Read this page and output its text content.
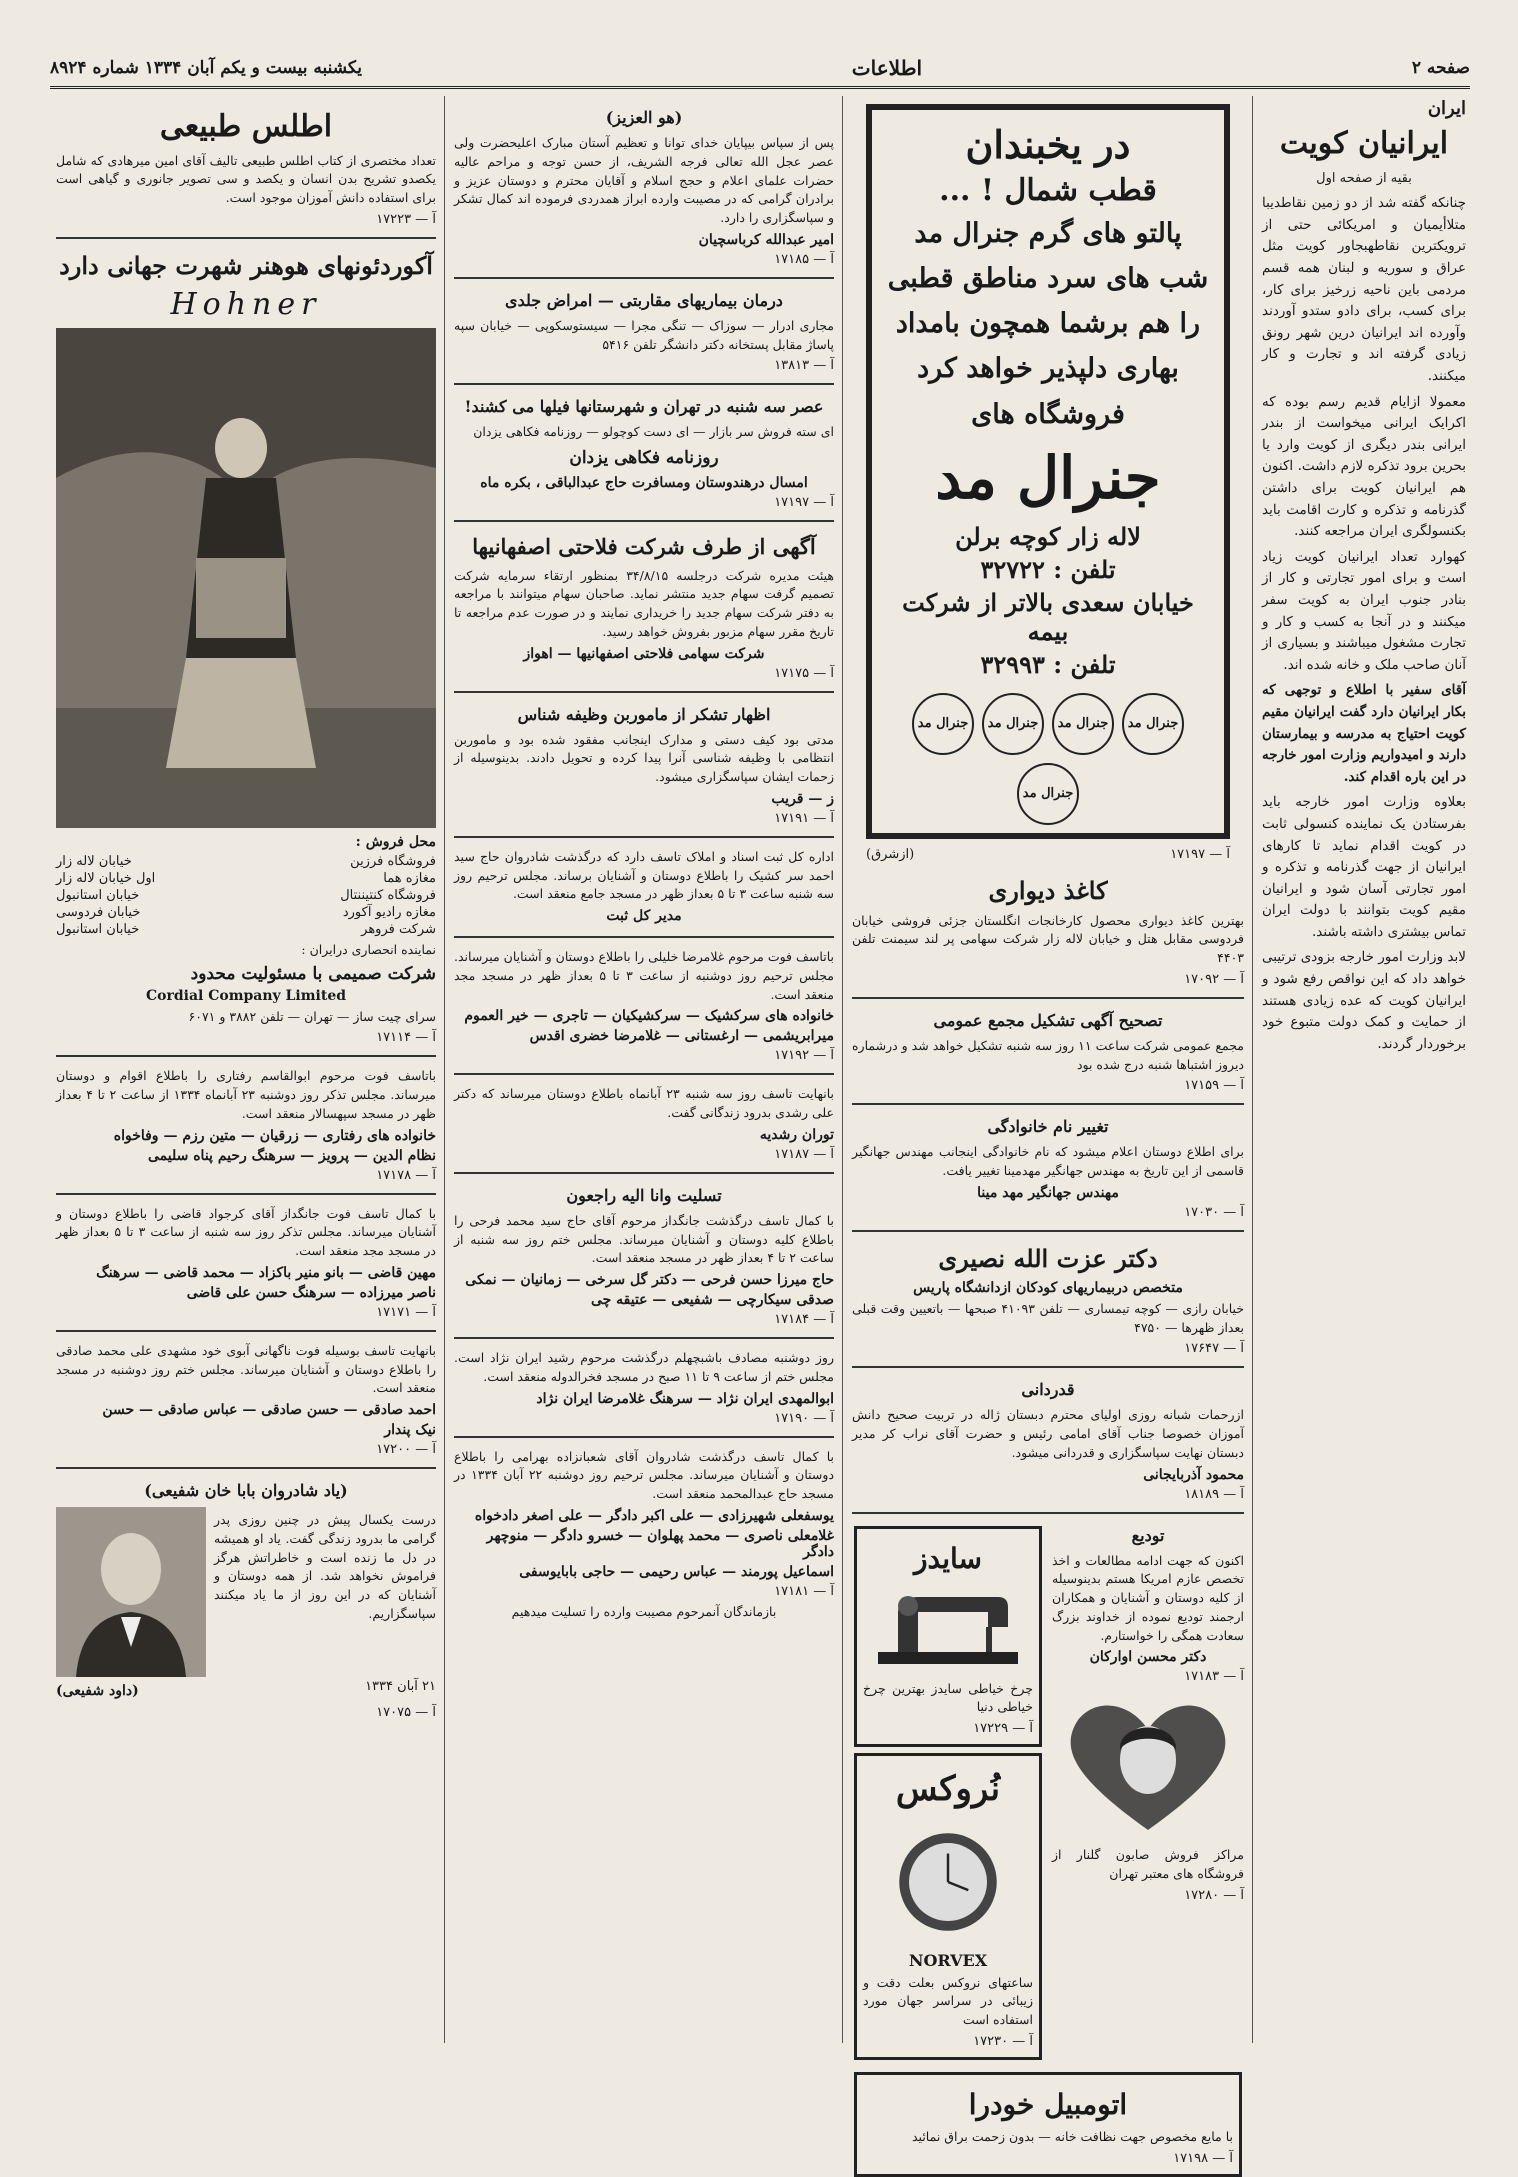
صفحه ۲
اطلاعات
یکشنبه بیست و یکم آبان ۱۳۳۴ شماره ۸۹۲۴
ایران
ایرانیان کویت
بقیه از صفحه اول

چنانکه گفته شد از دو زمین نقاطدیبا متلاأیمیان و امریکائی حتی از ترویکترین نقاطهبجاور کویت مثل عراق و سوریه و لبنان همه قسم مردمی باین ناحیه زرخیز برای کار، برای کسب، برای دادو ستدو آوردند وآورده اند ایرانیان درین شهر رونق زیادی گرفته اند و تجارت و کار میکنند.

معمولا ازایام قدیم رسم بوده که اکرایک ایرانی میخواست از بندر ایرانی بندر دیگری از کویت وارد یا بحرین برود تذکره لازم داشت. اکنون هم ایرانیان کویت برای داشتن گذرنامه و تذکره و کارت اقامت باید بکنسولگری ایران مراجعه کنند.

کهوارد تعداد ایرانیان کویت زیاد است و برای امور تجارتی و کار از بنادر جنوب ایران به کویت سفر میکنند و در آنجا به کسب و کار و تجارت مشغول میباشند و بسیاری از آنان صاحب ملک و خانه شده اند.

آقای سفیر با اطلاع و توجهی که بکار ایرانیان دارد گفت ایرانیان مقیم کویت احتیاج به مدرسه و بیمارستان دارند و امیدواریم وزارت امور خارجه در این باره اقدام کند.

بعلاوه وزارت امور خارجه باید بفرستادن یک نماینده کنسولی ثابت در کویت اقدام نماید تا کارهای ایرانیان از جهت گذرنامه و تذکره و امور تجارتی آسان شود و ایرانیان مقیم کویت بتوانند با دولت ایران تماس بیشتری داشته باشند.

لابد وزارت امور خارجه بزودی ترتیبی خواهد داد که این نواقص رفع شود و ایرانیان کویت که عده زیادی هستند از حمایت و کمک دولت متبوع خود برخوردار گردند.

در یخبندان
قطب شمال ! ...
پالتو های گرم جنرال مد
شب های سرد مناطق قطبی
را هم برشما همچون بامداد
بهاری دلپذیر خواهد کرد
فروشگاه های
جنرال مد
لاله زار کوچه برلن
تلفن : ۳۲۷۲۲
خیابان سعدی بالاتر از شرکت بیمه
تلفن : ۳۲۹۹۳
جنرال مد
جنرال مد
جنرال مد
جنرال مد
جنرال مد
آ — ۱۷۱۹۷
(ازشرق)
کاغذ دیواری
بهترین کاغذ دیواری محصول کارخانجات انگلستان جزئی فروشی خیابان فردوسی مقابل هتل و خیابان لاله زار شرکت سهامی پر لند سیمنت تلفن ۴۴۰۳
آ — ۱۷۰۹۲
تصحیح آگهی تشکیل مجمع عمومی
مجمع عمومی شرکت ساعت ۱۱ روز سه شنبه تشکیل خواهد شد و درشماره دیروز اشتباها شنبه درج شده بود
آ — ۱۷۱۵۹
تغییر نام خانوادگی
برای اطلاع دوستان اعلام میشود که نام خانوادگی اینجانب مهندس جهانگیر قاسمی از این تاریخ به مهندس جهانگیر مهدمینا تغییر یافت.
مهندس جهانگیر مهد مینا
آ — ۱۷۰۳۰
دکتر عزت الله نصیری
متخصص دربیماریهای کودکان ازدانشگاه پاریس
خیابان رازی — کوچه تیمساری — تلفن ۴۱۰۹۳ صبحها — باتعیین وقت قبلی بعداز ظهرها — ۴۷۵۰
آ — ۱۷۶۴۷
قدردانی
ازرحمات شبانه روزی اولیای محترم دبستان ژاله در تربیت صحیح دانش آموزان خصوصا جناب آقای امامی رئیس و حضرت آقای نراب کر مدیر دبستان نهایت سپاسگزاری و قدردانی میشود.
محمود آذربایجانی
آ — ۱۸۱۸۹
تودیع
اکنون که جهت ادامه مطالعات و اخذ تخصص عازم امریکا هستم بدینوسیله از کلیه دوستان و آشنایان و همکاران ارجمند تودیع نموده از خداوند بزرگ سعادت همگی را خواستارم.
دکتر محسن اوارکان
آ — ۱۷۱۸۳
مراکز فروش صابون گلنار از فروشگاه های معتبر تهران
آ — ۱۷۲۸۰
سایدز
چرخ خیاطی سایدز بهترین چرخ خیاطی دنیا
آ — ۱۷۲۲۹
نُروکس
NORVEX
ساعتهای نروکس بعلت دقت و زیبائی در سراسر جهان مورد استفاده است
آ — ۱۷۲۳۰
اتومبیل خودرا
با مایع مخصوص جهت نظافت خانه — بدون زحمت براق نمائید
آ — ۱۷۱۹۸
(هو العزیز)
پس از سپاس بیپایان خدای توانا و تعظیم آستان مبارک اعلیحضرت ولی عصر عجل الله تعالی فرجه الشریف، از حسن توجه و مراحم عالیه حضرات علمای اعلام و حجج اسلام و آقایان محترم و دوستان عزیز و برادران گرامی که در مصیبت وارده ابراز همدردی فرموده اند کمال تشکر و سپاسگزاری را دارد.
امیر عبدالله کرباسچیان
آ — ۱۷۱۸۵
درمان بیماریهای مقاربتی — امراض جلدی
مجاری ادرار — سوزاک — تنگی مجرا — سیستوسکوپی — خیابان سپه پاساژ مقابل پستخانه دکتر دانشگر تلفن ۵۴۱۶
آ — ۱۳۸۱۳
عصر سه شنبه در تهران و شهرستانها فیلها می کشند!
ای سته فروش سر بازار — ای دست کوچولو — روزنامه فکاهی یزدان
روزنامه فکاهی یزدان
امسال درهندوستان ومسافرت حاج عبدالباقی ، بکره ماه
آ — ۱۷۱۹۷
آگهی از طرف شرکت فلاحتی اصفهانیها
هیئت مدیره شرکت درجلسه ۳۴/۸/۱۵ بمنظور ارتقاء سرمایه شرکت تصمیم گرفت سهام جدید منتشر نماید. صاحبان سهام میتوانند با مراجعه به دفتر شرکت سهام جدید را خریداری نمایند و در صورت عدم مراجعه تا تاریخ مقرر سهام مزبور بفروش خواهد رسید.
شرکت سهامی فلاحتی اصفهانیها — اهواز
آ — ۱۷۱۷۵
اظهار تشکر از ماموربن وظیفه شناس
مدتی بود کیف دستی و مدارک اینجانب مفقود شده بود و ماموربن انتظامی با وظیفه شناسی آنرا پیدا کرده و تحویل دادند. بدینوسیله از زحمات ایشان سپاسگزاری میشود.
ز — قریب
آ — ۱۷۱۹۱
اداره کل ثبت اسناد و املاک تاسف دارد که درگذشت شادروان حاج سید احمد سر کشیک را باطلاع دوستان و آشنایان برساند. مجلس ترحیم روز سه شنبه ساعت ۳ تا ۵ بعداز ظهر در مسجد جامع منعقد است.
مدیر کل ثبت
باتاسف فوت مرحوم غلامرضا خلیلی را باطلاع دوستان و آشنایان میرساند. مجلس ترحیم روز دوشنبه از ساعت ۳ تا ۵ بعداز ظهر در مسجد مجد منعقد است.
خانواده های سرکشیک — سرکشیکیان — تاجری — خیر العموم
میرابریشمی — ارغستانی — غلامرضا خضری اقدس
آ — ۱۷۱۹۲
بانهایت تاسف روز سه شنبه ۲۳ آبانماه باطلاع دوستان میرساند که دکتر علی رشدی بدرود زندگانی گفت.
توران رشدیه
آ — ۱۷۱۸۷
تسلیت وانا الیه راجعون
با کمال تاسف درگذشت جانگداز مرحوم آقای حاج سید محمد فرحی را باطلاع کلیه دوستان و آشنایان میرساند. مجلس ختم روز سه شنبه از ساعت ۲ تا ۴ بعداز ظهر در مسجد منعقد است.
حاج میرزا حسن فرحی — دکتر گل سرخی — زمانیان — نمکی
صدقی سیکارچی — شفیعی — عتیقه چی
آ — ۱۷۱۸۴
روز دوشنبه مصادف باشبچهلم درگذشت مرحوم رشید ایران نژاد است. مجلس ختم از ساعت ۹ تا ۱۱ صبح در مسجد فخرالدوله منعقد است.
ابوالمهدی ایران نژاد — سرهنگ غلامرضا ایران نژاد
آ — ۱۷۱۹۰
با کمال تاسف درگذشت شادروان آقای شعبانزاده بهرامی را باطلاع دوستان و آشنایان میرساند. مجلس ترحیم روز دوشنبه ۲۲ آبان ۱۳۳۴ در مسجد حاج عبدالمحمد منعقد است.
یوسفعلی شهیرزادی — علی اکبر دادگر — علی اصغر دادخواه
غلامعلی ناصری — محمد پهلوان — خسرو دادگر — منوچهر دادگر
اسماعیل پورمند — عباس رحیمی — حاجی بابایوسفی
آ — ۱۷۱۸۱
بازماندگان آنمرحوم مصیبت وارده را تسلیت میدهیم
اطلس طبیعی
تعداد مختصری از کتاب اطلس طبیعی تالیف آقای امین میرهادی که شامل یکصدو تشریح بدن انسان و یکصد و سی تصویر جانوری و گیاهی است برای استفاده دانش آموزان موجود است.
آ — ۱۷۲۲۳
آکوردئونهای هوهنر شهرت جهانی دارد
Hohner
محل فروش :
فروشگاه فرزین
خیابان لاله زار
مغازه هما
اول خیابان لاله زار
فروشگاه کنتیننتال
خیابان استانبول
مغازه رادیو آکورد
خیابان فردوسی
شرکت فروهر
خیابان استانبول
نماینده انحصاری درایران :
شرکت صمیمی با مسئولیت محدود
Cordial Company Limited
سرای چیت ساز — تهران — تلفن ۳۸۸۲ و ۶۰۷۱
آ — ۱۷۱۱۴
باتاسف فوت مرحوم ابوالقاسم رفتاری را باطلاع اقوام و دوستان میرساند. مجلس تذکر روز دوشنبه ۲۳ آبانماه ۱۳۳۴ از ساعت ۲ تا ۴ بعداز ظهر در مسجد سپهسالار منعقد است.
خانواده های رفتاری — زرقیان — متین رزم — وفاخواه
نظام الدین — پرویز — سرهنگ رحیم پناه سلیمی
آ — ۱۷۱۷۸
با کمال تاسف فوت جانگداز آقای کرجواد قاضی را باطلاع دوستان و آشنایان میرساند. مجلس تذکر روز سه شنبه از ساعت ۳ تا ۵ بعداز ظهر در مسجد مجد منعقد است.
مهین قاضی — بانو منیر باکزاد — محمد قاضی — سرهنگ
ناصر میرزاده — سرهنگ حسن علی قاضی
آ — ۱۷۱۷۱
بانهایت تاسف بوسیله فوت ناگهانی آبوی خود مشهدی علی محمد صادقی را باطلاع دوستان و آشنایان میرساند. مجلس ختم روز دوشنبه در مسجد منعقد است.
احمد صادقی — حسن صادقی — عباس صادقی — حسن
نیک پندار
آ — ۱۷۲۰۰
(یاد شادروان بابا خان شفیعی)
درست یکسال پیش در چنین روزی پدر گرامی ما بدرود زندگی گفت. یاد او همیشه در دل ما زنده است و خاطراتش هرگز فراموش نخواهد شد. از همه دوستان و آشنایان که در این روز از ما یاد میکنند سپاسگزاریم.
۲۱ آبان ۱۳۳۴
(داود شفیعی)
آ — ۱۷۰۷۵
